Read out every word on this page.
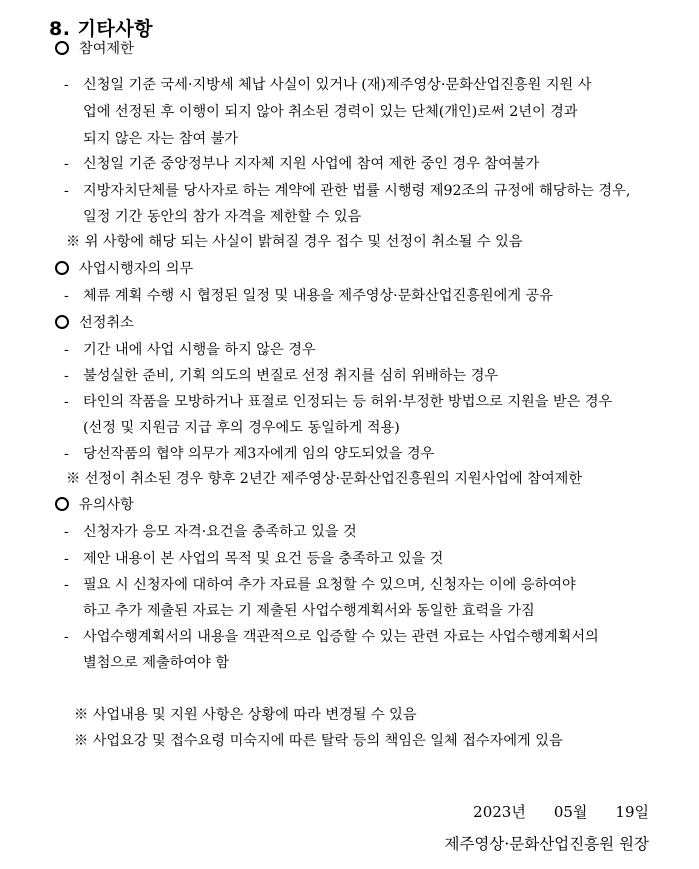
8. 기타사항
참여제한
- 신청일 기준 국세·지방세 체납 사실이 있거나 (재)제주영상·문화산업진흥원 지원 사
업에 선정된 후 이행이 되지 않아 취소된 경력이 있는 단체(개인)로써 2년이 경과
되지 않은 자는 참여 불가
- 신청일 기준 중앙정부나 지자체 지원 사업에 참여 제한 중인 경우 참여불가
- 지방자치단체를 당사자로 하는 계약에 관한 법률 시행령 제92조의 규정에 해당하는 경우,
일정 기간 동안의 참가 자격을 제한할 수 있음
※ 위 사항에 해당 되는 사실이 밝혀질 경우 접수 및 선정이 취소될 수 있음
사업시행자의 의무
- 체류 계획 수행 시 협정된 일정 및 내용을 제주영상·문화산업진흥원에게 공유
선정취소
- 기간 내에 사업 시행을 하지 않은 경우
- 불성실한 준비, 기획 의도의 변질로 선정 취지를 심히 위배하는 경우
- 타인의 작품을 모방하거나 표절로 인정되는 등 허위·부정한 방법으로 지원을 받은 경우
(선정 및 지원금 지급 후의 경우에도 동일하게 적용)
- 당선작품의 협약 의무가 제3자에게 임의 양도되었을 경우
※ 선정이 취소된 경우 향후 2년간 제주영상·문화산업진흥원의 지원사업에 참여제한
유의사항
- 신청자가 응모 자격·요건을 충족하고 있을 것
- 제안 내용이 본 사업의 목적 및 요건 등을 충족하고 있을 것
- 필요 시 신청자에 대하여 추가 자료를 요청할 수 있으며, 신청자는 이에 응하여야
하고 추가 제출된 자료는 기 제출된 사업수행계획서와 동일한 효력을 가짐
- 사업수행계획서의 내용을 객관적으로 입증할 수 있는 관련 자료는 사업수행계획서의
별첨으로 제출하여야 함
※ 사업내용 및 지원 사항은 상황에 따라 변경될 수 있음
※ 사업요강 및 접수요령 미숙지에 따른 탈락 등의 책임은 일체 접수자에게 있음
2023년 05월 19일
제주영상·문화산업진흥원 원장
